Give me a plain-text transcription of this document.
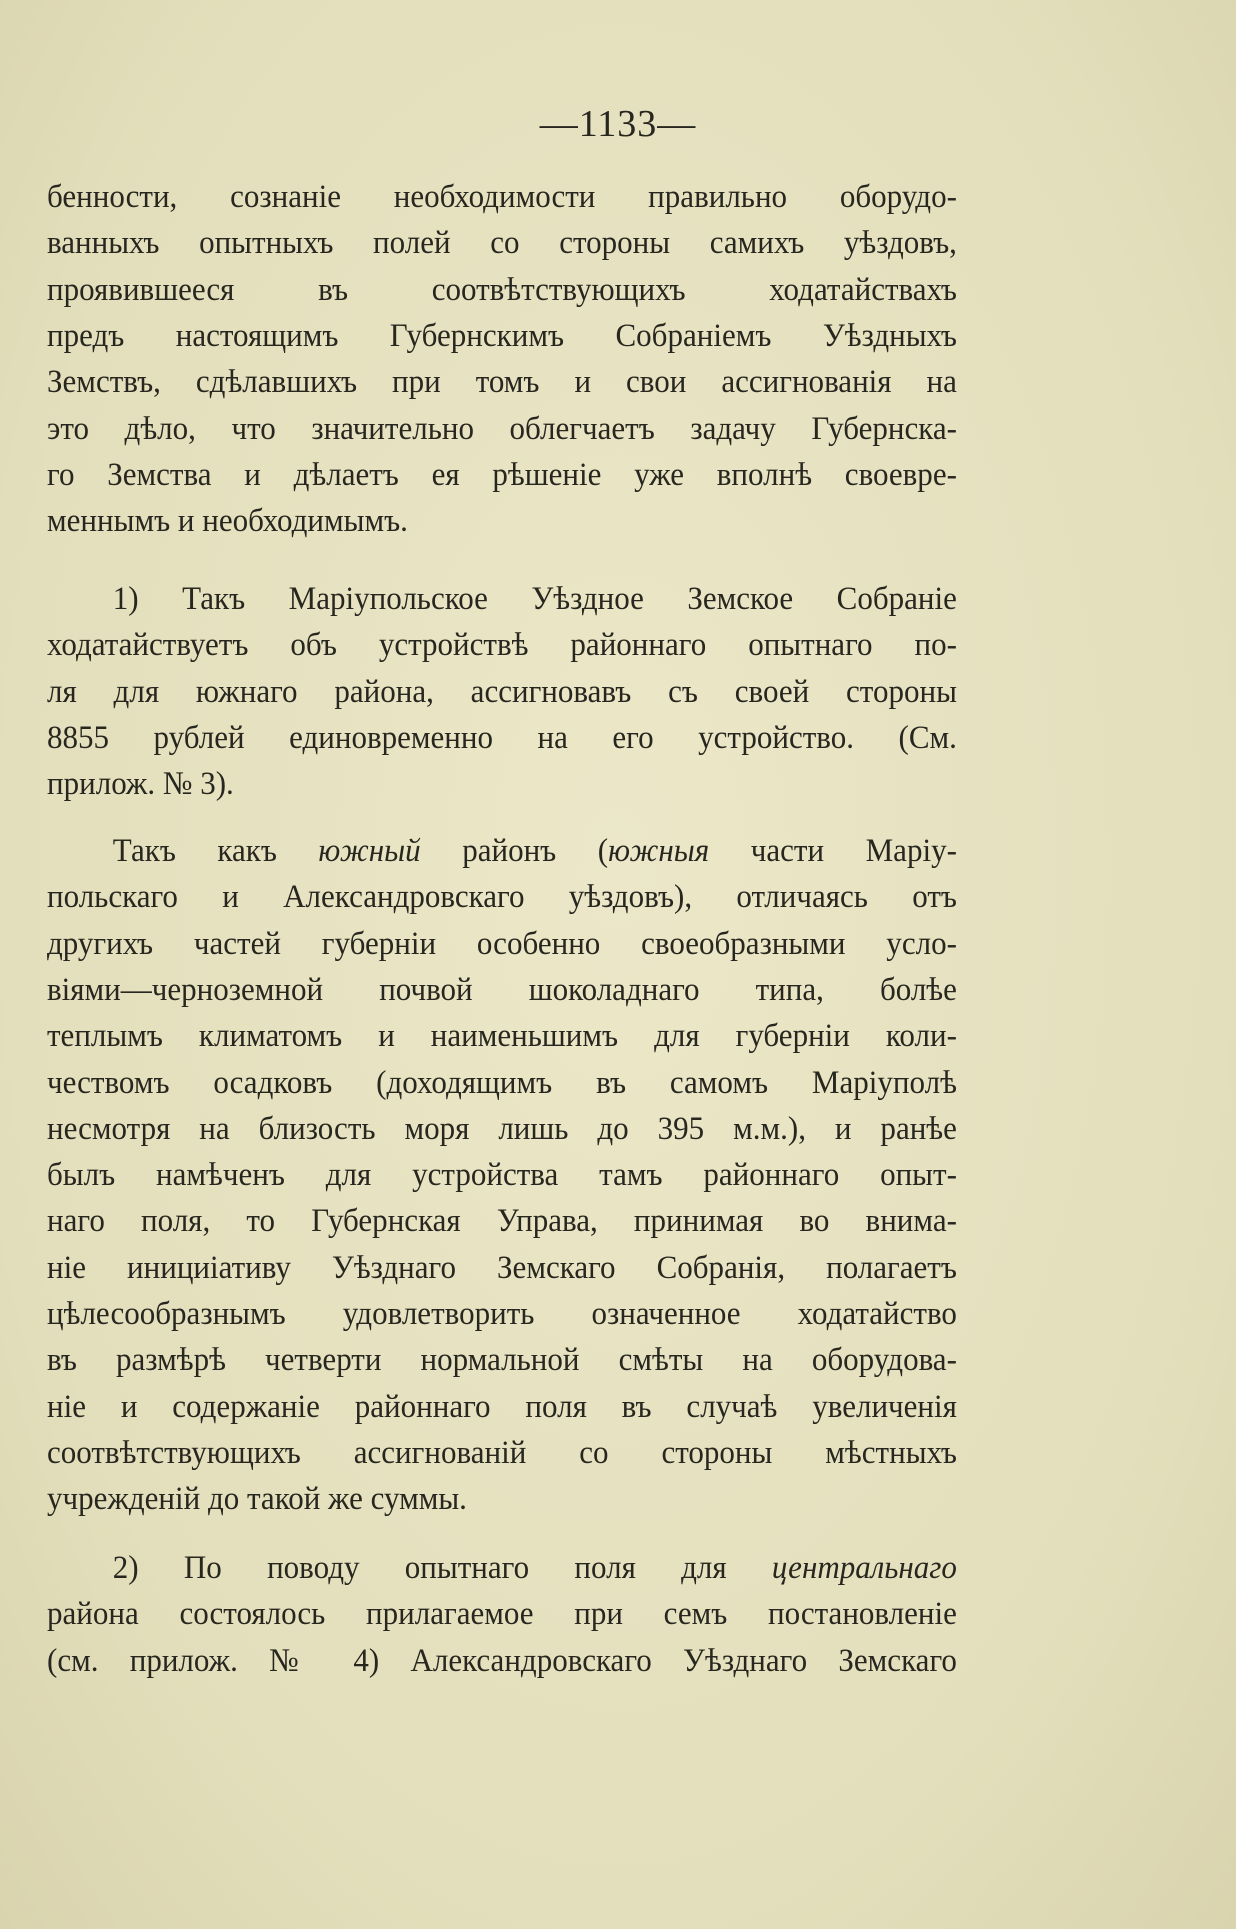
—1133—
бенности, сознаніе необходимости правильно оборудо-
ванныхъ опытныхъ полей со стороны самихъ уѣздовъ,
проявившееся въ соотвѣтствующихъ ходатайствахъ
предъ настоящимъ Губернскимъ Собраніемъ Уѣздныхъ
Земствъ, сдѣлавшихъ при томъ и свои ассигнованія на
это дѣло, что значительно облегчаетъ задачу Губернска-
го Земства и дѣлаетъ ея рѣшеніе уже вполнѣ своевре-
меннымъ и необходимымъ.
1) Такъ Маріупольское Уѣздное Земское Собраніе
ходатайствуетъ объ устройствѣ районнаго опытнаго по-
ля для южнаго района, ассигновавъ съ своей стороны
8855 рублей единовременно на его устройство. (См.
прилож. № 3).
Такъ какъ южный районъ (южныя части Маріу-
польскаго и Александровскаго уѣздовъ), отличаясь отъ
другихъ частей губерніи особенно своеобразными усло-
віями—черноземной почвой шоколаднаго типа, болѣе
теплымъ климатомъ и наименьшимъ для губерніи коли-
чествомъ осадковъ (доходящимъ въ самомъ Маріуполѣ
несмотря на близость моря лишь до 395 м.м.), и ранѣе
былъ намѣченъ для устройства тамъ районнаго опыт-
наго поля, то Губернская Управа, принимая во внима-
ніе инициіативу Уѣзднаго Земскаго Собранія, полагаетъ
цѣлесообразнымъ удовлетворить означенное ходатайство
въ размѣрѣ четверти нормальной смѣты на оборудова-
ніе и содержаніе районнаго поля въ случаѣ увеличенія
соотвѣтствующихъ ассигнованій со стороны мѣстныхъ
учрежденій до такой же суммы.
2) По поводу опытнаго поля для центральнаго
района состоялось прилагаемое при семъ постановленіе
(см. прилож. № 4) Александровскаго Уѣзднаго Земскаго
